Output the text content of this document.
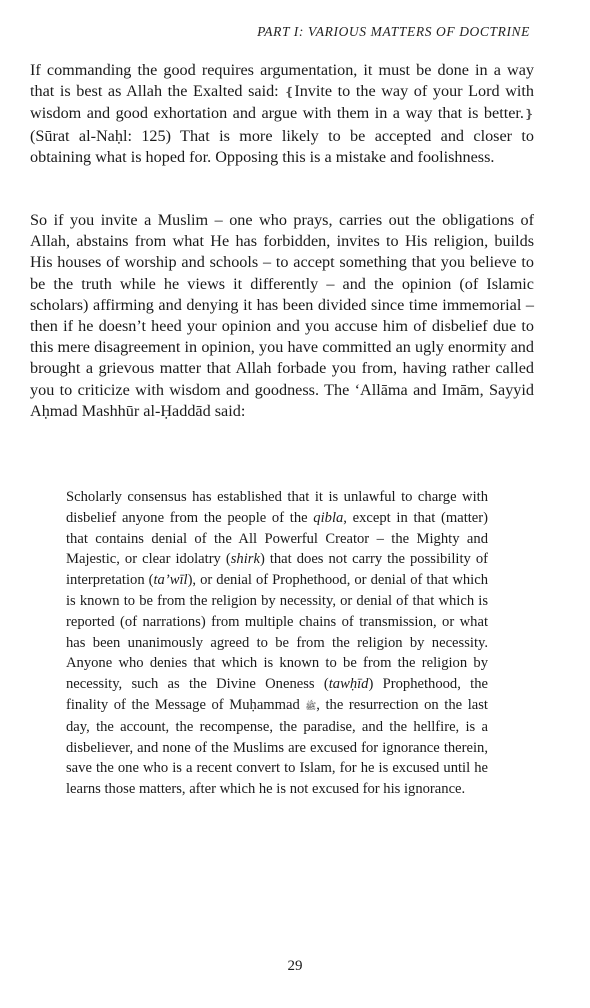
PART I: VARIOUS MATTERS OF DOCTRINE

If commanding the good requires argumentation, it must be done in a way that is best as Allah the Exalted said: ❴Invite to the way of your Lord with wisdom and good exhortation and argue with them in a way that is better.❵ (Sūrat al-Naḥl: 125) That is more likely to be accepted and closer to obtaining what is hoped for. Opposing this is a mistake and foolishness.

So if you invite a Muslim – one who prays, carries out the obligations of Allah, abstains from what He has forbidden, invites to His religion, builds His houses of worship and schools – to accept something that you believe to be the truth while he views it differently – and the opinion (of Islamic scholars) affirming and denying it has been divided since time immemorial – then if he doesn’t heed your opinion and you accuse him of disbelief due to this mere disagreement in opinion, you have committed an ugly enormity and brought a grievous matter that Allah forbade you from, having rather called you to criticize with wisdom and goodness. The ‘Allāma and Imām, Sayyid Aḥmad Mashhūr al-Ḥaddād said:

Scholarly consensus has established that it is unlawful to charge with disbelief anyone from the people of the qibla, except in that (matter) that contains denial of the All Powerful Creator – the Mighty and Majestic, or clear idolatry (shirk) that does not carry the possibility of interpretation (ta’wīl), or denial of Prophethood, or denial of that which is known to be from the religion by necessity, or denial of that which is reported (of narrations) from multiple chains of transmission, or what has been unanimously agreed to be from the religion by necessity. Anyone who denies that which is known to be from the religion by necessity, such as the Divine Oneness (tawḥīd) Prophethood, the finality of the Message of Muḥammad ﷺ, the resurrection on the last day, the account, the recompense, the paradise, and the hellfire, is a disbeliever, and none of the Muslims are excused for ignorance therein, save the one who is a recent convert to Islam, for he is excused until he learns those matters, after which he is not excused for his ignorance.

29
